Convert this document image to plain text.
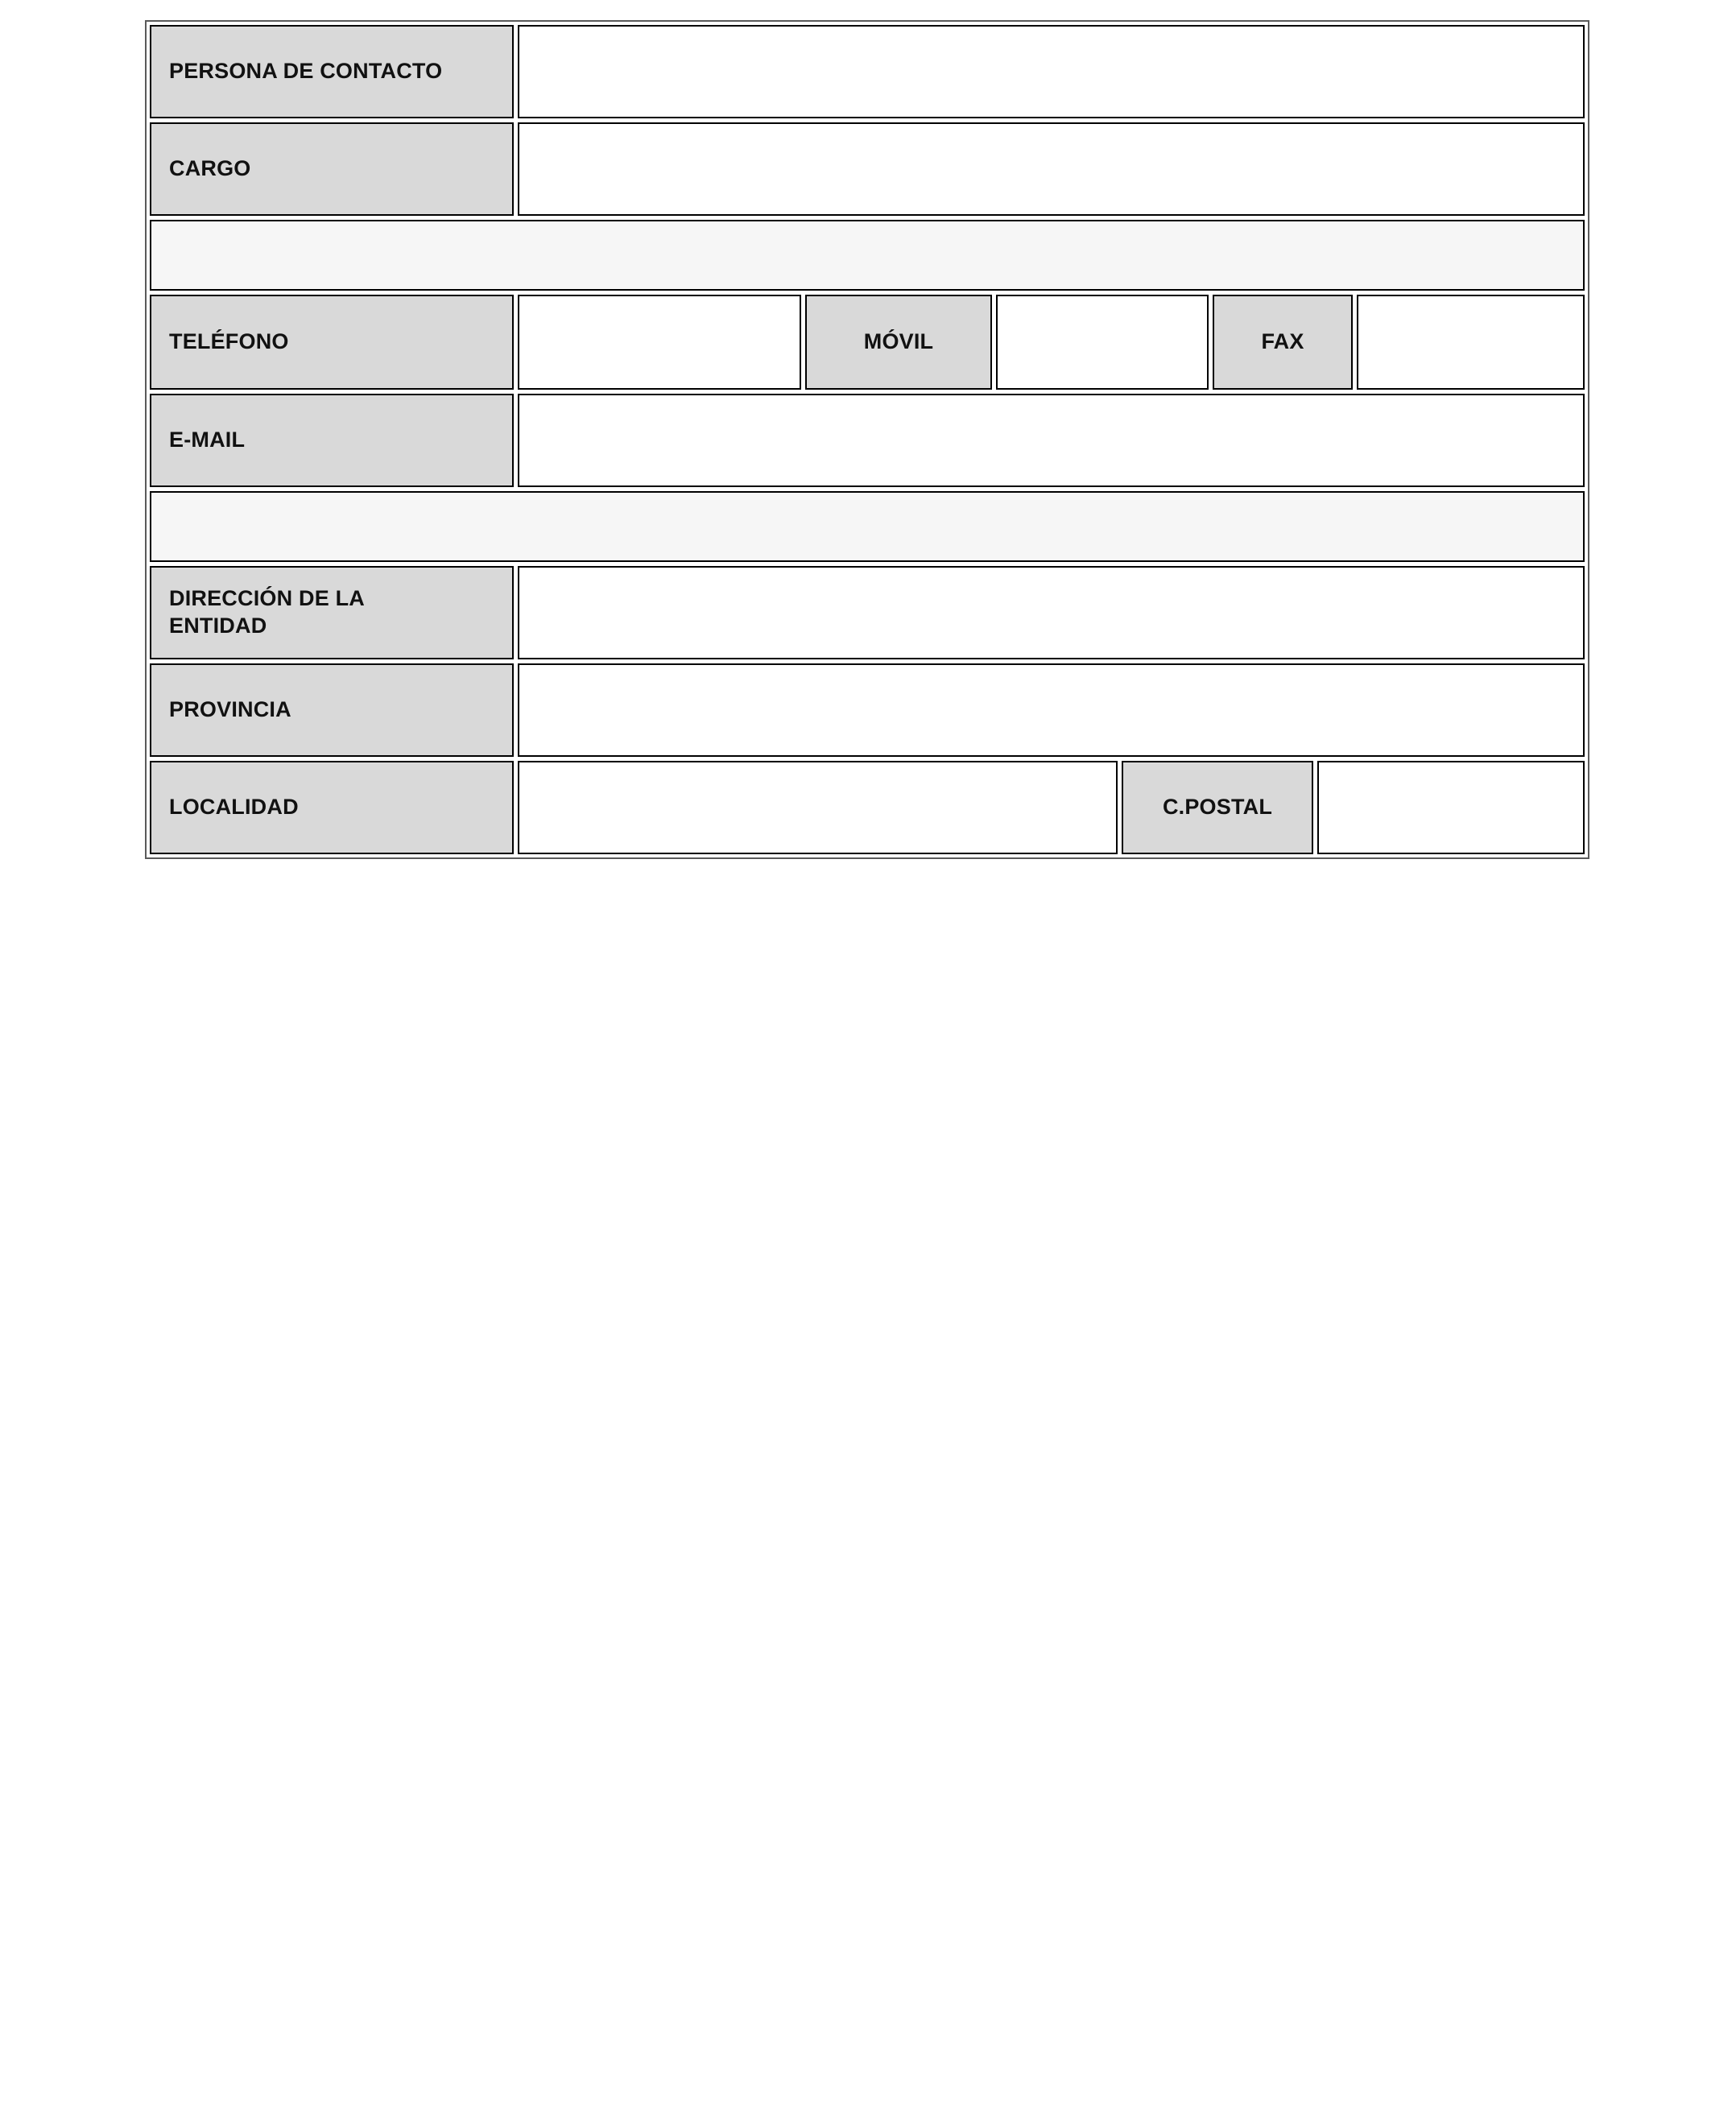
PERSONA DE CONTACTO
CARGO
TELÉFONO	MÓVIL	FAX
E-MAIL
DIRECCIÓN DE LA ENTIDAD
PROVINCIA
LOCALIDAD	C.POSTAL
